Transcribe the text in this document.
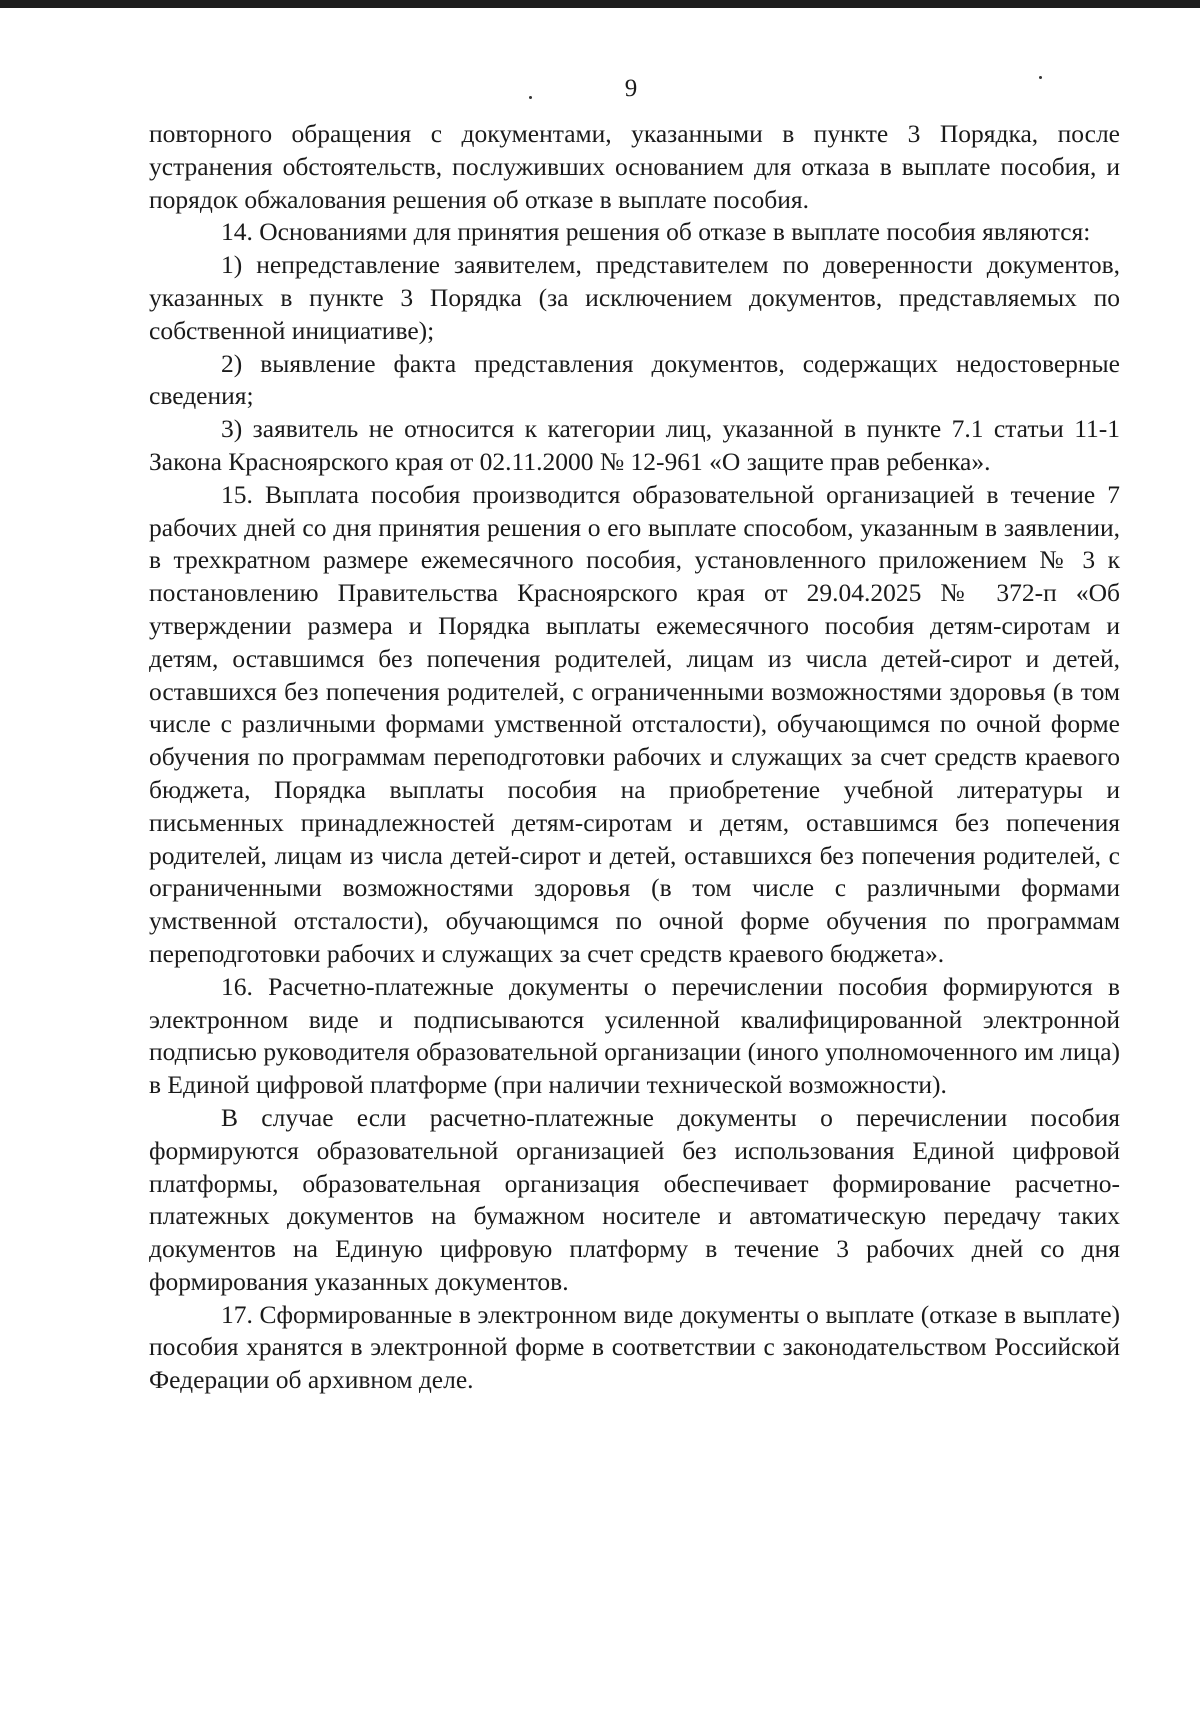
9

повторного обращения с документами, указанными в пункте 3 Порядка, после устранения обстоятельств, послуживших основанием для отказа в выплате пособия, и порядок обжалования решения об отказе в выплате пособия.

14. Основаниями для принятия решения об отказе в выплате пособия являются:

1) непредставление заявителем, представителем по доверенности документов, указанных в пункте 3 Порядка (за исключением документов, представляемых по собственной инициативе);

2) выявление факта представления документов, содержащих недостоверные сведения;

3) заявитель не относится к категории лиц, указанной в пункте 7.1 статьи 11-1 Закона Красноярского края от 02.11.2000 № 12-961 «О защите прав ребенка».

15. Выплата пособия производится образовательной организацией в течение 7 рабочих дней со дня принятия решения о его выплате способом, указанным в заявлении, в трехкратном размере ежемесячного пособия, установленного приложением № 3 к постановлению Правительства Красноярского края от 29.04.2025 № 372-п «Об утверждении размера и Порядка выплаты ежемесячного пособия детям-сиротам и детям, оставшимся без попечения родителей, лицам из числа детей-сирот и детей, оставшихся без попечения родителей, с ограниченными возможностями здоровья (в том числе с различными формами умственной отсталости), обучающимся по очной форме обучения по программам переподготовки рабочих и служащих за счет средств краевого бюджета, Порядка выплаты пособия на приобретение учебной литературы и письменных принадлежностей детям-сиротам и детям, оставшимся без попечения родителей, лицам из числа детей-сирот и детей, оставшихся без попечения родителей, с ограниченными возможностями здоровья (в том числе с различными формами умственной отсталости), обучающимся по очной форме обучения по программам переподготовки рабочих и служащих за счет средств краевого бюджета».

16. Расчетно-платежные документы о перечислении пособия формируются в электронном виде и подписываются усиленной квалифицированной электронной подписью руководителя образовательной организации (иного уполномоченного им лица) в Единой цифровой платформе (при наличии технической возможности).

В случае если расчетно-платежные документы о перечислении пособия формируются образовательной организацией без использования Единой цифровой платформы, образовательная организация обеспечивает формирование расчетно-платежных документов на бумажном носителе и автоматическую передачу таких документов на Единую цифровую платформу в течение 3 рабочих дней со дня формирования указанных документов.

17. Сформированные в электронном виде документы о выплате (отказе в выплате) пособия хранятся в электронной форме в соответствии с законодательством Российской Федерации об архивном деле.
